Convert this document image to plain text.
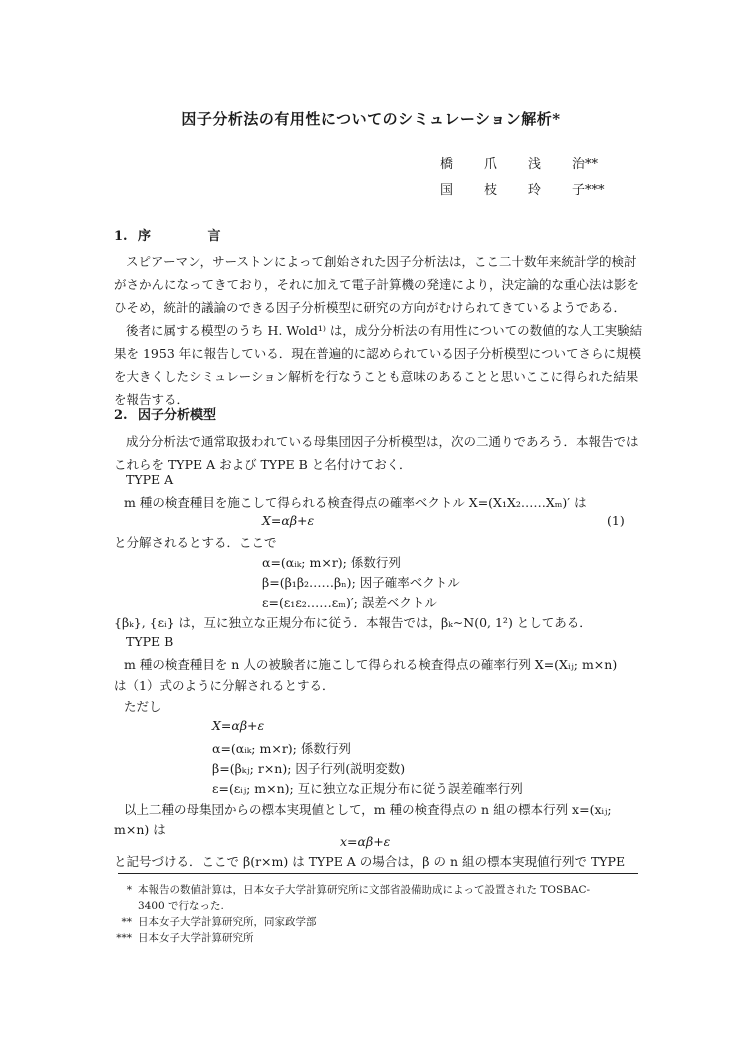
因子分析法の有用性についてのシミュレーション解析*
橋	爪	浅	治**
国	枝	玲	子***
1. 序 言
スピアーマン，サーストンによって創始された因子分析法は，ここ二十数年来統計学的検討がさかんになってきており，それに加えて電子計算機の発達により，決定論的な重心法は影をひそめ，統計的議論のできる因子分析模型に研究の方向がむけられてきているようである．
後者に属する模型のうち H. Wold¹⁾ は，成分分析法の有用性についての数値的な人工実験結果を 1953 年に報告している．現在普遍的に認められている因子分析模型についてさらに規模を大きくしたシミュレーション解析を行なうことも意味のあることと思いここに得られた結果を報告する．
2. 因子分析模型
成分分析法で通常取扱われている母集団因子分析模型は，次の二通りであろう．本報告ではこれらを TYPE A および TYPE B と名付けておく．
TYPE A
m 種の検査種目を施こして得られる検査得点の確率ベクトル X=(X₁X₂……Xₘ)′ は
X=αβ+ε	(1)
と分解されるとする．ここで
α=(αᵢₖ; m×r); 係数行列
β=(β₁β₂……βₙ); 因子確率ベクトル
ε=(ε₁ε₂……εₘ)′; 誤差ベクトル
{βₖ}, {εᵢ} は，互に独立な正規分布に従う．本報告では，βₖ∼N(0, 1²) としてある．
TYPE B
m 種の検査種目を n 人の被験者に施こして得られる検査得点の確率行列 X=(Xᵢⱼ; m×n)
は（1）式のように分解されるとする．
ただし
X=αβ+ε
α=(αᵢₖ; m×r); 係数行列
β=(βₖⱼ; r×n); 因子行列(説明変数)
ε=(εᵢⱼ; m×n); 互に独立な正規分布に従う誤差確率行列
以上二種の母集団からの標本実現値として，m 種の検査得点の n 組の標本行列 x=(xᵢⱼ;
m×n) は
x=αβ+ε
と記号づける．ここで β(r×m) は TYPE A の場合は，β の n 組の標本実現値行列で TYPE
* 本報告の数値計算は，日本女子大学計算研究所に文部省設備助成によって設置された TOSBAC-
3400 で行なった.
** 日本女子大学計算研究所，同家政学部
*** 日本女子大学計算研究所
